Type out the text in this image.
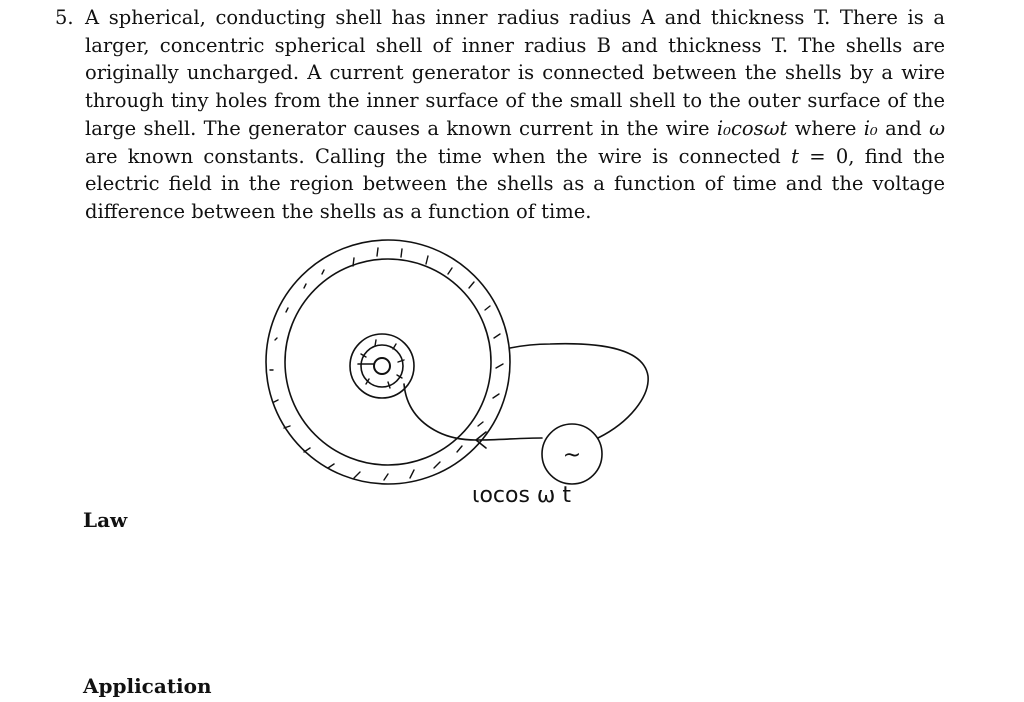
5. A spherical, conducting shell has inner radius radius A and thickness T. There is a larger, concentric spherical shell of inner radius B and thickness T. The shells are originally uncharged. A current generator is connected between the shells by a wire through tiny holes from the inner surface of the small shell to the outer surface of the large shell. The generator causes a known current in the wire i₀cosωt where i₀ and ω are known constants. Calling the time when the wire is connected t = 0, find the electric field in the region between the shells as a function of time and the voltage difference between the shells as a function of time.
~
ιocos ω t
Law
Application
